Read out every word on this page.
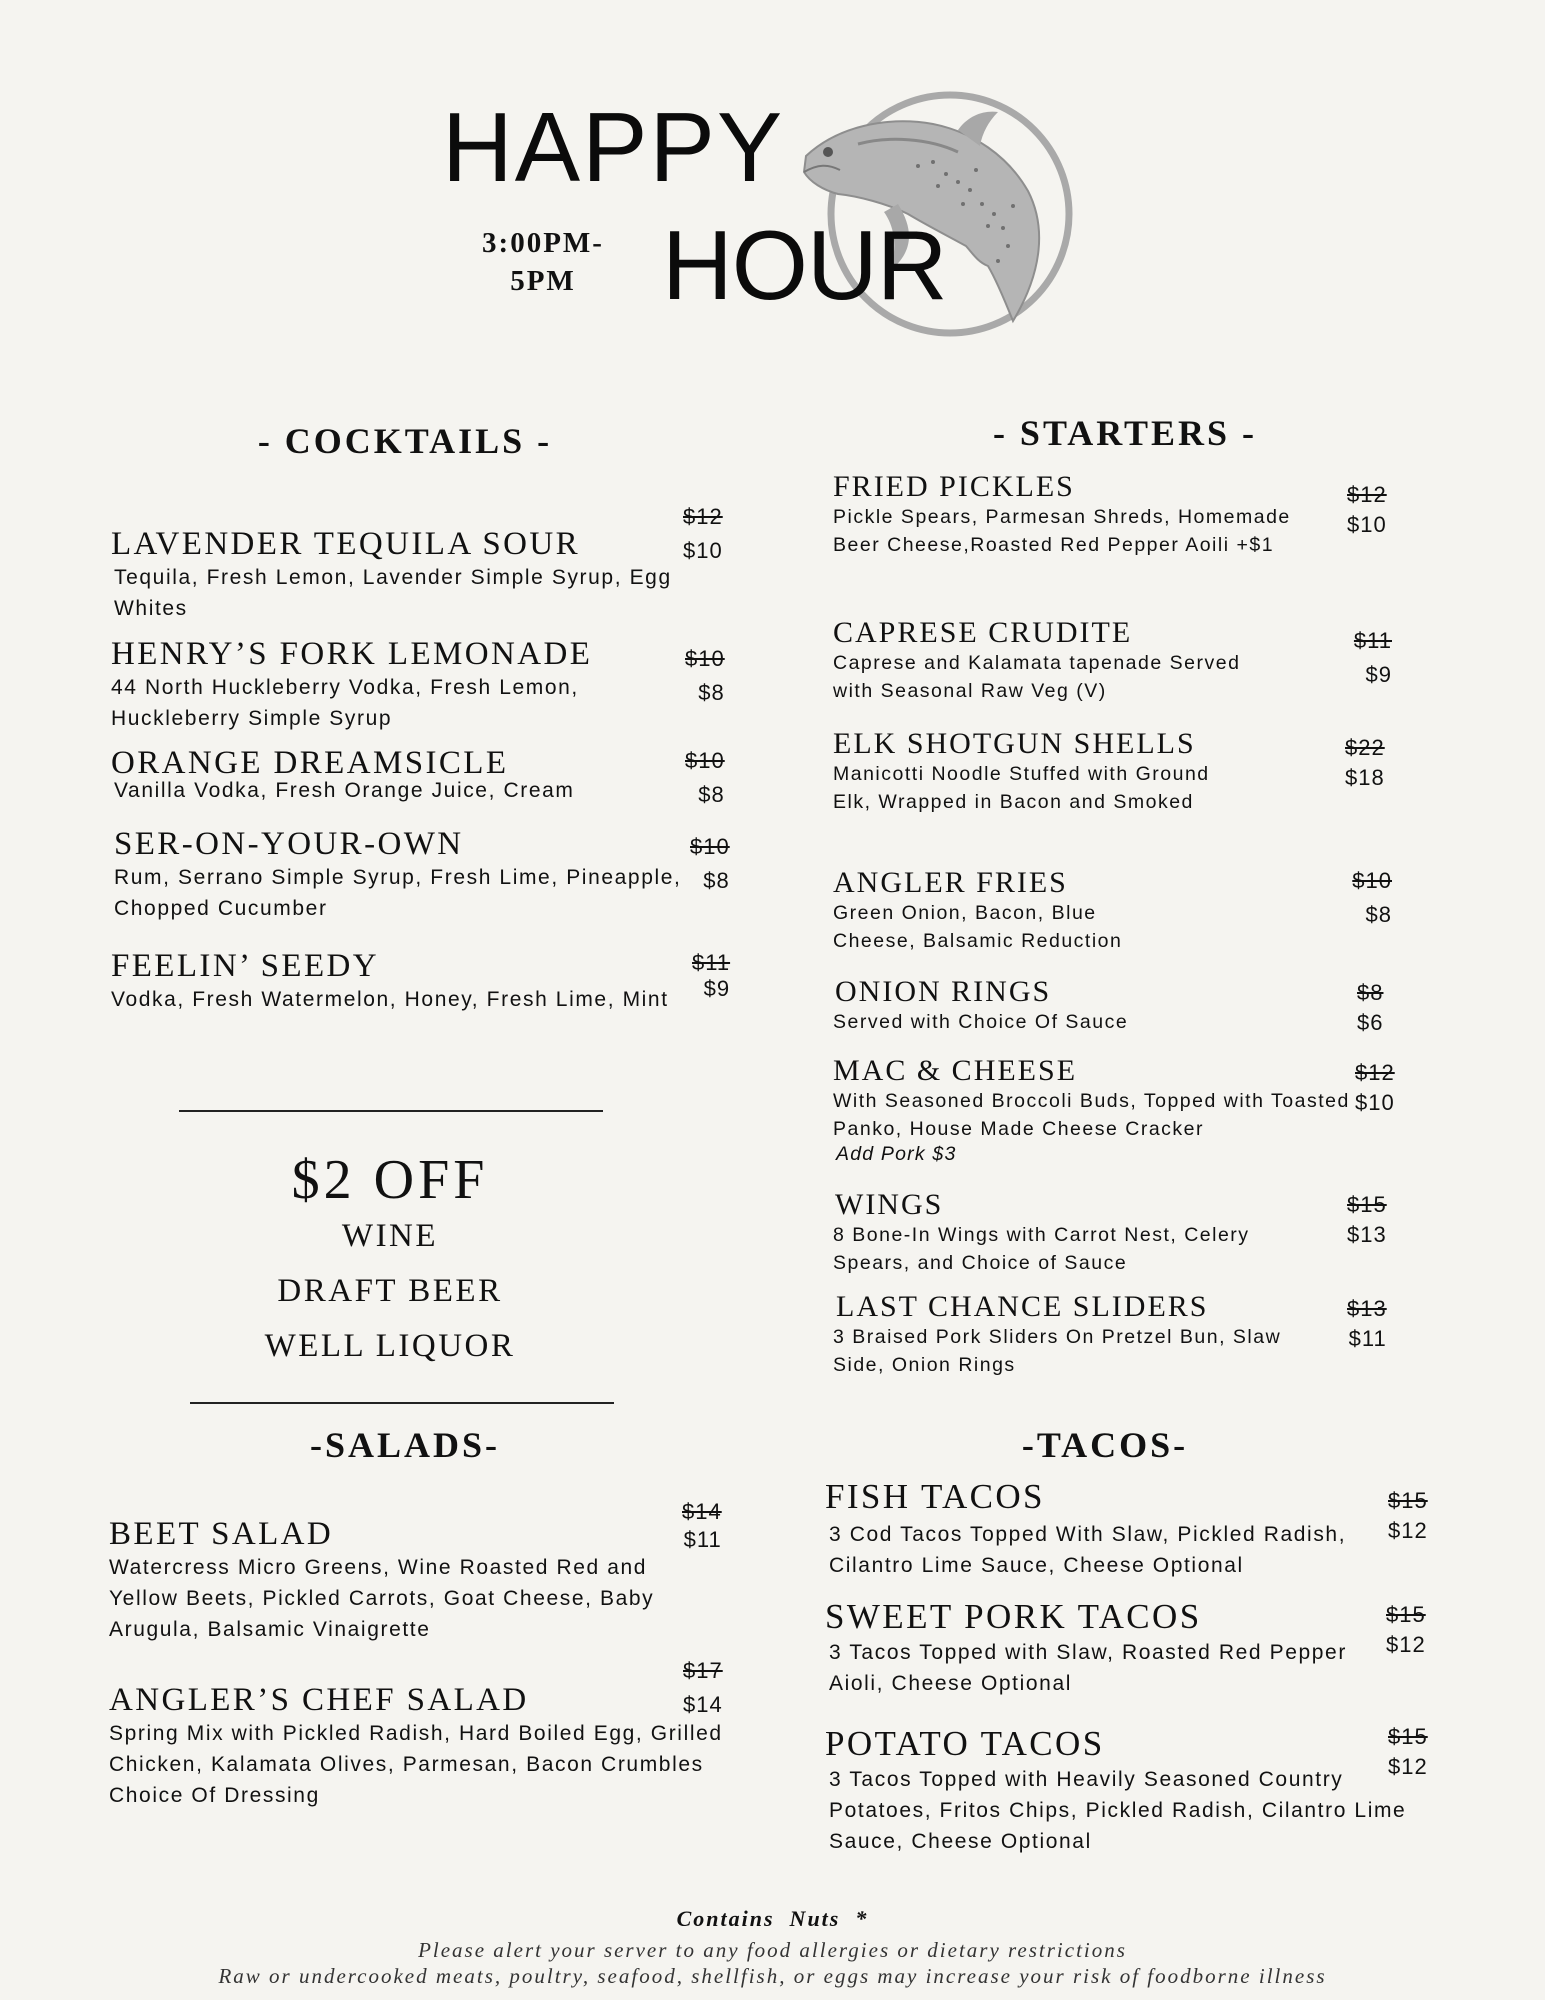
HAPPY
3:00PM-
5PM HOUR
- COCKTAILS -
LAVENDER TEQUILA SOUR
Tequila, Fresh Lemon, Lavender Simple Syrup, Egg Whites
$12
$10
HENRY’S FORK LEMONADE
44 North Huckleberry Vodka, Fresh Lemon, Huckleberry Simple Syrup
$10
$8
ORANGE DREAMSICLE
Vanilla Vodka, Fresh Orange Juice, Cream
$10
$8
SER-ON-YOUR-OWN
Rum, Serrano Simple Syrup, Fresh Lime, Pineapple, Chopped Cucumber
$10
$8
FEELIN’ SEEDY
Vodka, Fresh Watermelon, Honey, Fresh Lime, Mint
$11
$9
$2 OFF
WINE
DRAFT BEER
WELL LIQUOR
-SALADS-
BEET SALAD
Watercress Micro Greens, Wine Roasted Red and Yellow Beets, Pickled Carrots, Goat Cheese, Baby Arugula, Balsamic Vinaigrette
$14
$11
ANGLER’S CHEF SALAD
Spring Mix with Pickled Radish, Hard Boiled Egg, Grilled Chicken, Kalamata Olives, Parmesan, Bacon Crumbles Choice Of Dressing
$17
$14
- STARTERS -
FRIED PICKLES
Pickle Spears, Parmesan Shreds, Homemade Beer Cheese,Roasted Red Pepper Aoili +$1
$12
$10
CAPRESE CRUDITE
Caprese and Kalamata tapenade Served with Seasonal Raw Veg (V)
$11
$9
ELK SHOTGUN SHELLS
Manicotti Noodle Stuffed with Ground Elk, Wrapped in Bacon and Smoked
$22
$18
ANGLER FRIES
Green Onion, Bacon, Blue Cheese, Balsamic Reduction
$10
$8
ONION RINGS
Served with Choice Of Sauce
$8
$6
MAC & CHEESE
With Seasoned Broccoli Buds, Topped with Toasted Panko, House Made Cheese Cracker
Add Pork $3
$12
$10
WINGS
8 Bone-In Wings with Carrot Nest, Celery Spears, and Choice of Sauce
$15
$13
LAST CHANCE SLIDERS
3 Braised Pork Sliders On Pretzel Bun, Slaw Side, Onion Rings
$13
$11
-TACOS-
FISH TACOS
3 Cod Tacos Topped With Slaw, Pickled Radish, Cilantro Lime Sauce, Cheese Optional
$15
$12
SWEET PORK TACOS
3 Tacos Topped with Slaw, Roasted Red Pepper Aioli, Cheese Optional
$15
$12
POTATO TACOS
3 Tacos Topped with Heavily Seasoned Country Potatoes, Fritos Chips, Pickled Radish, Cilantro Lime Sauce, Cheese Optional
$15
$12
Contains  Nuts  *
Please alert your server to any food allergies or dietary restrictions
Raw or undercooked meats, poultry, seafood, shellfish, or eggs may increase your risk of foodborne illness
